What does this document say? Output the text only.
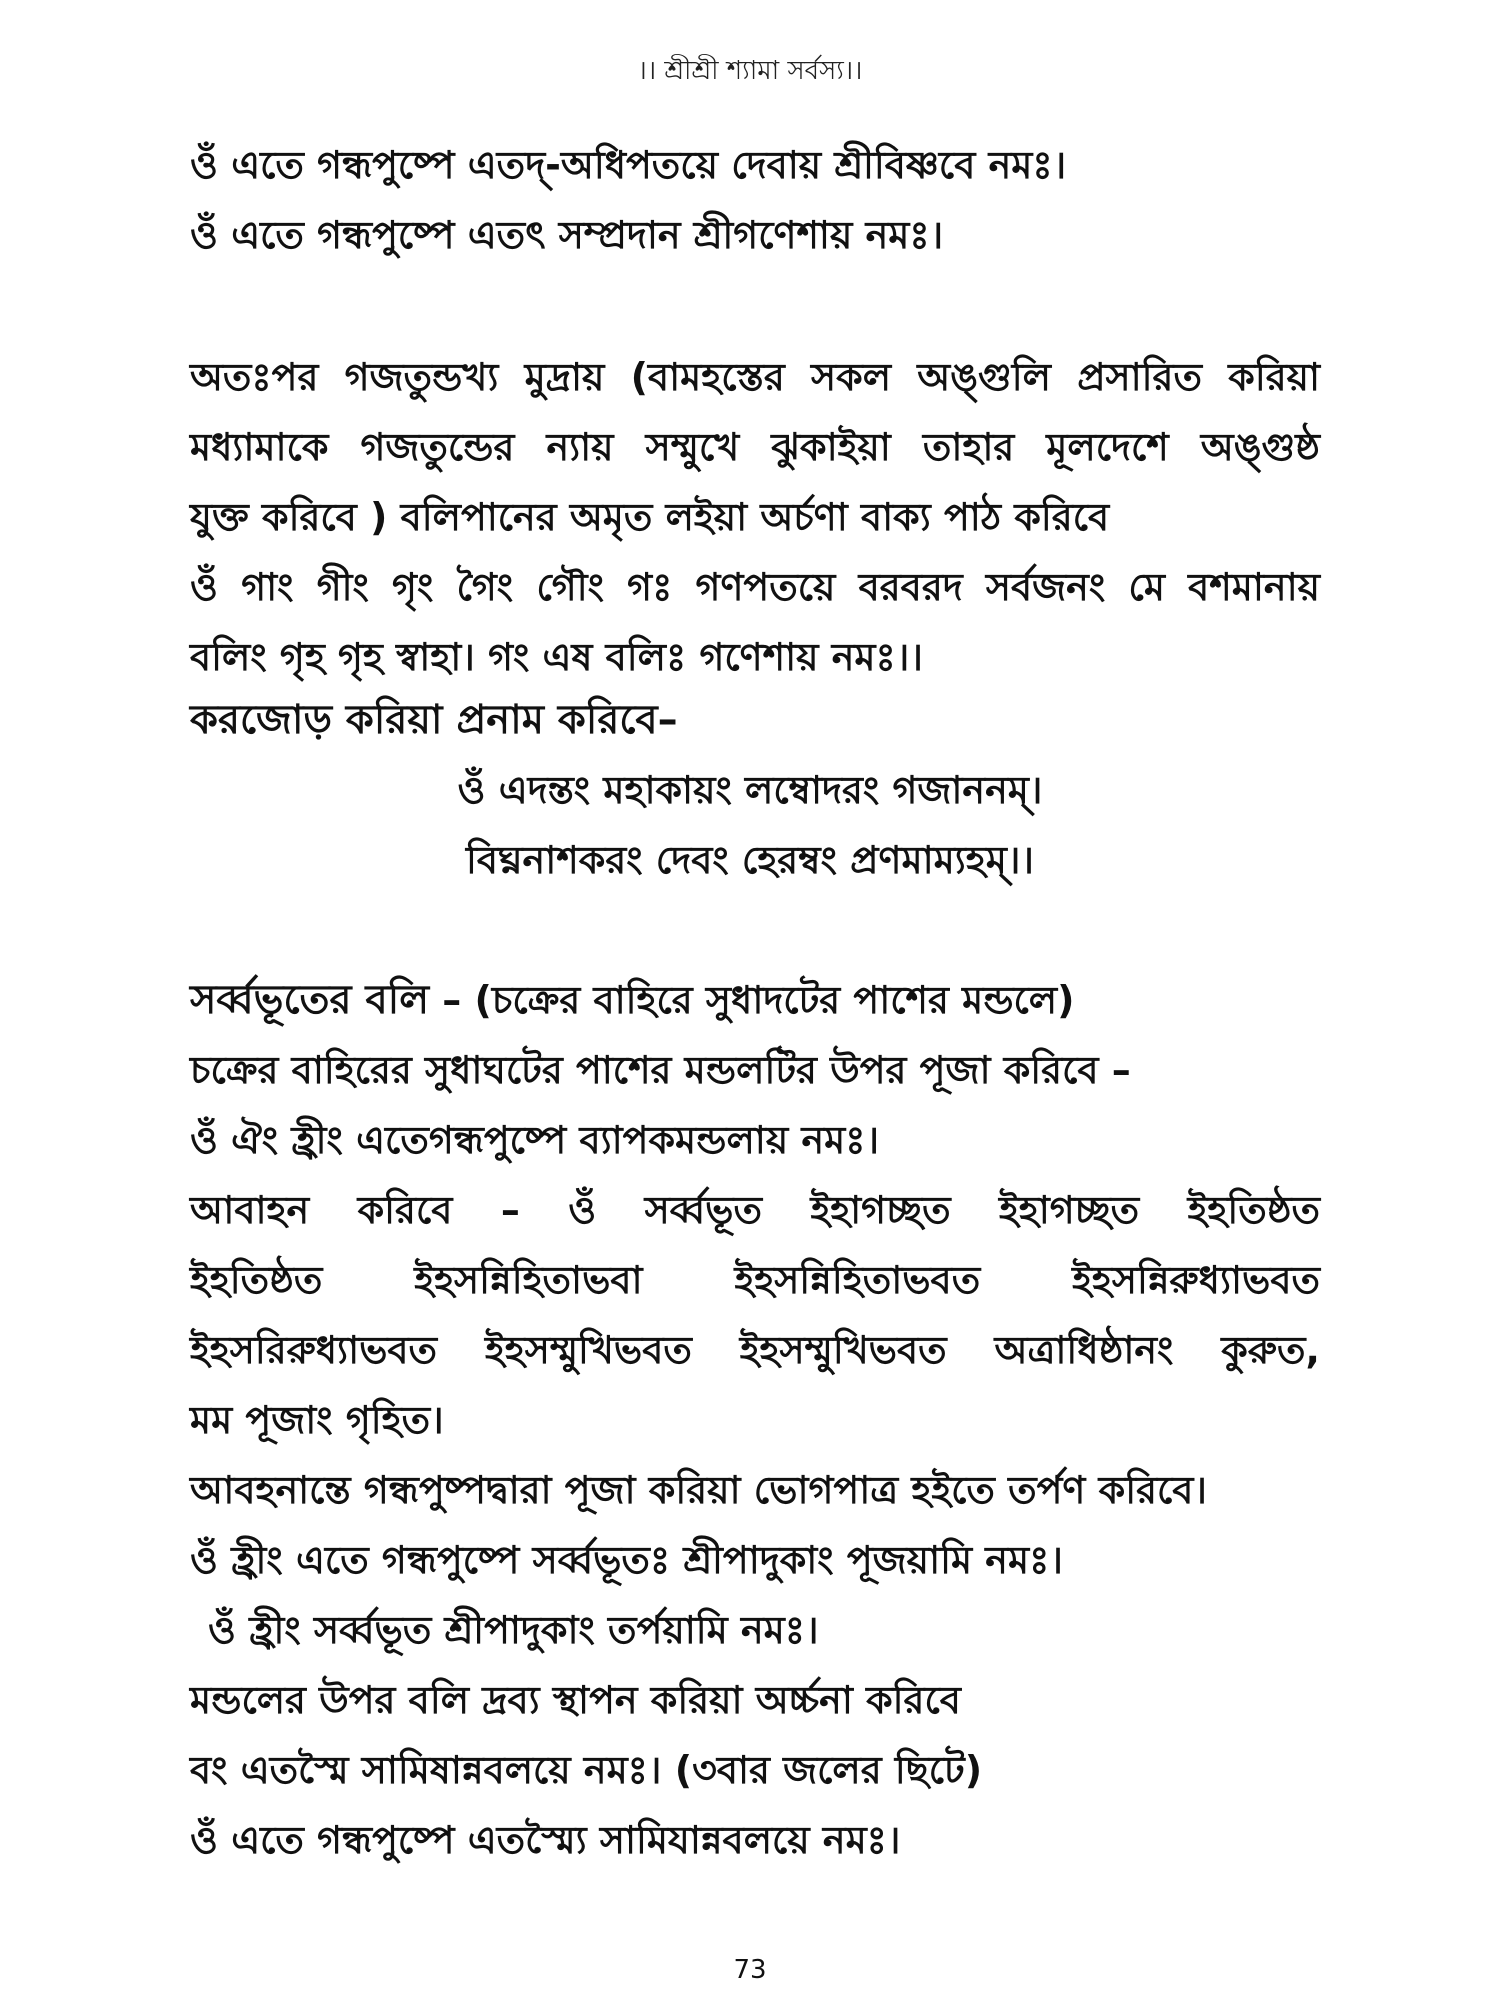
।। শ্রীশ্রী শ্যামা সর্বস্য।।
ওঁ এতে গন্ধপুষ্পে এতদ্-অধিপতয়ে দেবায় শ্রীবিষ্ণবে নমঃ।
ওঁ এতে গন্ধপুষ্পে এতৎ সম্প্রদান শ্রীগণেশায় নমঃ।
অতঃপর গজতুন্ডখ্য মুদ্রায় (বামহস্তের সকল অঙ্গুলি প্রসারিত করিয়া
মধ্যামাকে গজতুন্ডের ন্যায় সম্মুখে ঝুকাইয়া তাহার মূলদেশে অঙ্গুষ্ঠ
যুক্ত করিবে ) বলিপানের অমৃত লইয়া অর্চণা বাক্য পাঠ করিবে
ওঁ গাং গীং গৃং গৈং গৌং গঃ গণপতয়ে বরবরদ সর্বজনং মে বশমানায়
বলিং গৃহ গৃহ স্বাহা। গং এষ বলিঃ গণেশায় নমঃ।।
করজোড় করিয়া প্রনাম করিবে–
ওঁ এদন্তং মহাকায়ং লম্বোদরং গজাননম্।
বিঘ্ননাশকরং দেবং হেরম্বং প্রণমাম্যহম্।।
সর্ব্বভূতের বলি – (চক্রের বাহিরে সুধাদটের পাশের মন্ডলে)
চক্রের বাহিরের সুধাঘটের পাশের মন্ডলটির উপর পূজা করিবে –
ওঁ ঐং হ্রীং এতেগন্ধপুষ্পে ব্যাপকমন্ডলায় নমঃ।
আবাহন করিবে – ওঁ সর্ব্বভূত ইহাগচ্ছত ইহাগচ্ছত ইহতিষ্ঠত
ইহতিষ্ঠত ইহসন্নিহিতাভবা ইহসন্নিহিতাভবত ইহসন্নিরুধ্যাভবত
ইহসরিরুধ্যাভবত ইহসম্মুখিভবত ইহসম্মুখিভবত অত্রাধিষ্ঠানং কুরুত,
মম পূজাং গৃহিত।
আবহনান্তে গন্ধপুষ্পদ্বারা পূজা করিয়া ভোগপাত্র হইতে তর্পণ করিবে।
ওঁ হ্রীং এতে গন্ধপুষ্পে সর্ব্বভূতঃ শ্রীপাদুকাং পূজয়ামি নমঃ।
ওঁ হ্রীং সর্ব্বভূত শ্রীপাদুকাং তর্পয়ামি নমঃ।
মন্ডলের উপর বলি দ্রব্য স্থাপন করিয়া অর্চ্চনা করিবে
বং এতস্মৈ সামিষান্নবলয়ে নমঃ। (৩বার জলের ছিটে)
ওঁ এতে গন্ধপুষ্পে এতস্ম্যৈ সামিযান্নবলয়ে নমঃ।
73
